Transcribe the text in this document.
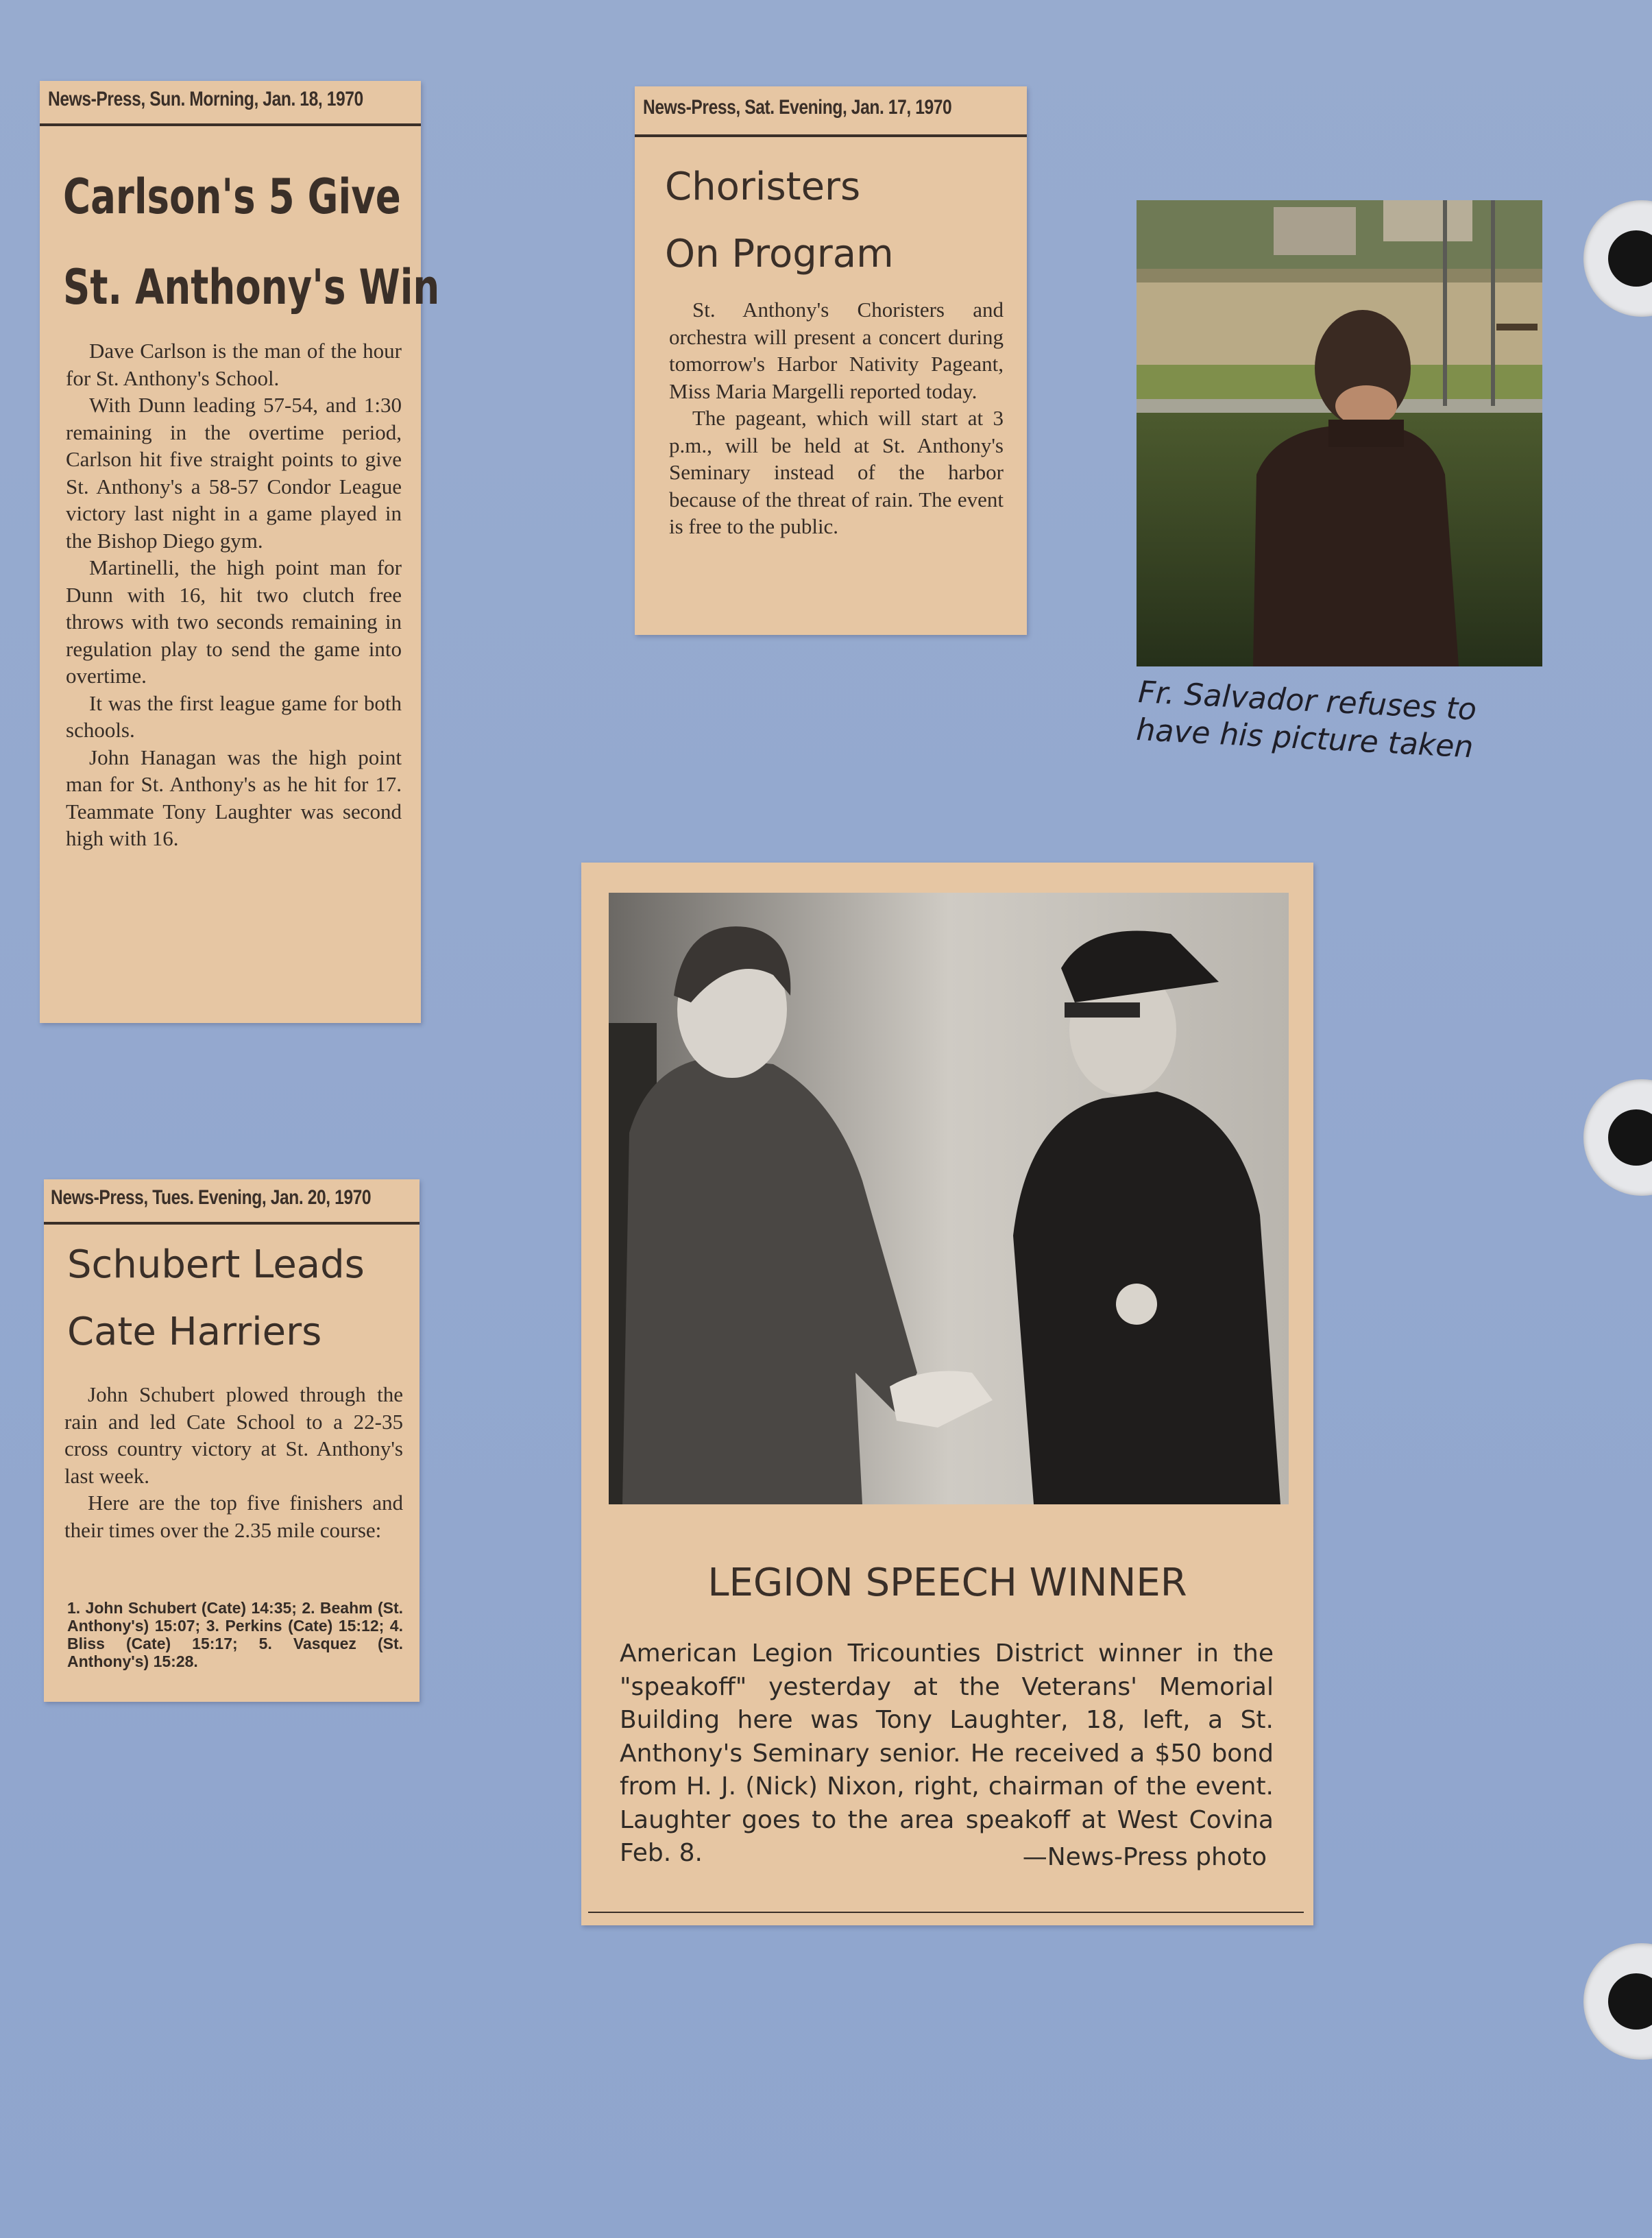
News-Press, Sun. Morning, Jan. 18, 1970
Carlson's 5 Give
St. Anthony's Win

Dave Carlson is the man of the hour for St. Anthony's School.

With Dunn leading 57-54, and 1:30 remaining in the overtime period, Carlson hit five straight points to give St. Anthony's a 58-57 Condor League victory last night in a game played in the Bishop Diego gym.

Martinelli, the high point man for Dunn with 16, hit two clutch free throws with two seconds remaining in regulation play to send the game into overtime.

It was the first league game for both schools.

John Hanagan was the high point man for St. Anthony's as he hit for 17. Teammate Tony Laughter was second high with 16.

News-Press, Sat. Evening, Jan. 17, 1970
Choristers
On Program

St. Anthony's Choristers and orchestra will present a concert during tomorrow's Harbor Nativity Pageant, Miss Maria Margelli reported today.

The pageant, which will start at 3 p.m., will be held at St. Anthony's Seminary instead of the harbor because of the threat of rain. The event is free to the public.

Fr. Salvador refuses to have his picture taken
News-Press, Tues. Evening, Jan. 20, 1970
Schubert Leads
Cate Harriers

John Schubert plowed through the rain and led Cate School to a 22-35 cross country victory at St. Anthony's last week.

Here are the top five finishers and their times over the 2.35 mile course:

1. John Schubert (Cate) 14:35; 2. Beahm (St. Anthony's) 15:07; 3. Perkins (Cate) 15:12; 4. Bliss (Cate) 15:17; 5. Vasquez (St. Anthony's) 15:28.
LEGION SPEECH WINNER
American Legion Tricounties District winner in the "speakoff" yesterday at the Veterans' Memorial Building here was Tony Laughter, 18, left, a St. Anthony's Seminary senior. He received a $50 bond from H. J. (Nick) Nixon, right, chairman of the event. Laughter goes to the area speakoff at West Covina Feb. 8.	—News-Press photo
